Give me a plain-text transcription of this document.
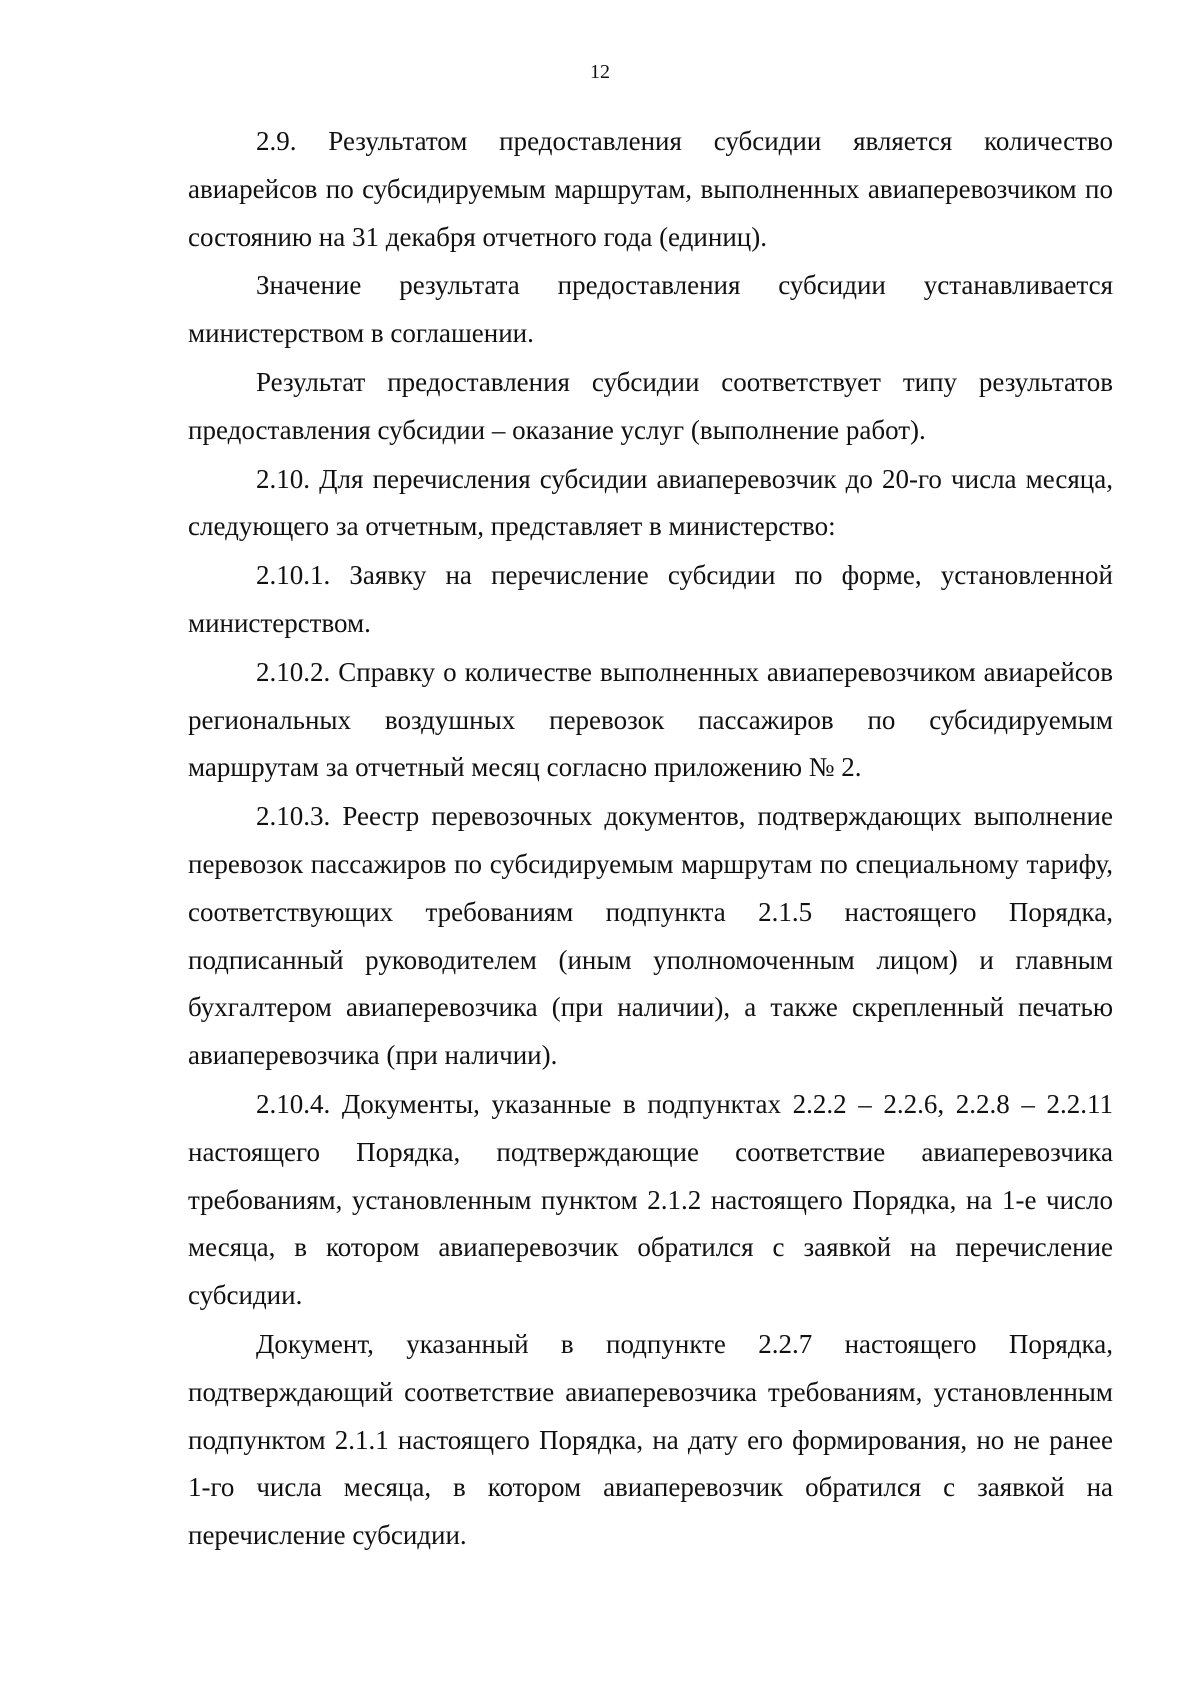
12

2.9. Результатом предоставления субсидии является количество авиарейсов по субсидируемым маршрутам, выполненных авиаперевозчиком по состоянию на 31 декабря отчетного года (единиц).

Значение результата предоставления субсидии устанавливается министерством в соглашении.

Результат предоставления субсидии соответствует типу результатов предоставления субсидии – оказание услуг (выполнение работ).

2.10. Для перечисления субсидии авиаперевозчик до 20-го числа месяца, следующего за отчетным, представляет в министерство:

2.10.1. Заявку на перечисление субсидии по форме, установленной министерством.

2.10.2. Справку о количестве выполненных авиаперевозчиком авиарейсов региональных воздушных перевозок пассажиров по субсидируемым маршрутам за отчетный месяц согласно приложению № 2.

2.10.3. Реестр перевозочных документов, подтверждающих выполнение перевозок пассажиров по субсидируемым маршрутам по специальному тарифу, соответствующих требованиям подпункта 2.1.5 настоящего Порядка, подписанный руководителем (иным уполномоченным лицом) и главным бухгалтером авиаперевозчика (при наличии), а также скрепленный печатью авиаперевозчика (при наличии).

2.10.4. Документы, указанные в подпунктах 2.2.2 – 2.2.6, 2.2.8 – 2.2.11 настоящего Порядка, подтверждающие соответствие авиаперевозчика требованиям, установленным пунктом 2.1.2 настоящего Порядка, на 1-е число месяца, в котором авиаперевозчик обратился с заявкой на перечисление субсидии.

Документ, указанный в подпункте 2.2.7 настоящего Порядка, подтверждающий соответствие авиаперевозчика требованиям, установленным подпунктом 2.1.1 настоящего Порядка, на дату его формирования, но не ранее 1-го числа месяца, в котором авиаперевозчик обратился с заявкой на перечисление субсидии.
